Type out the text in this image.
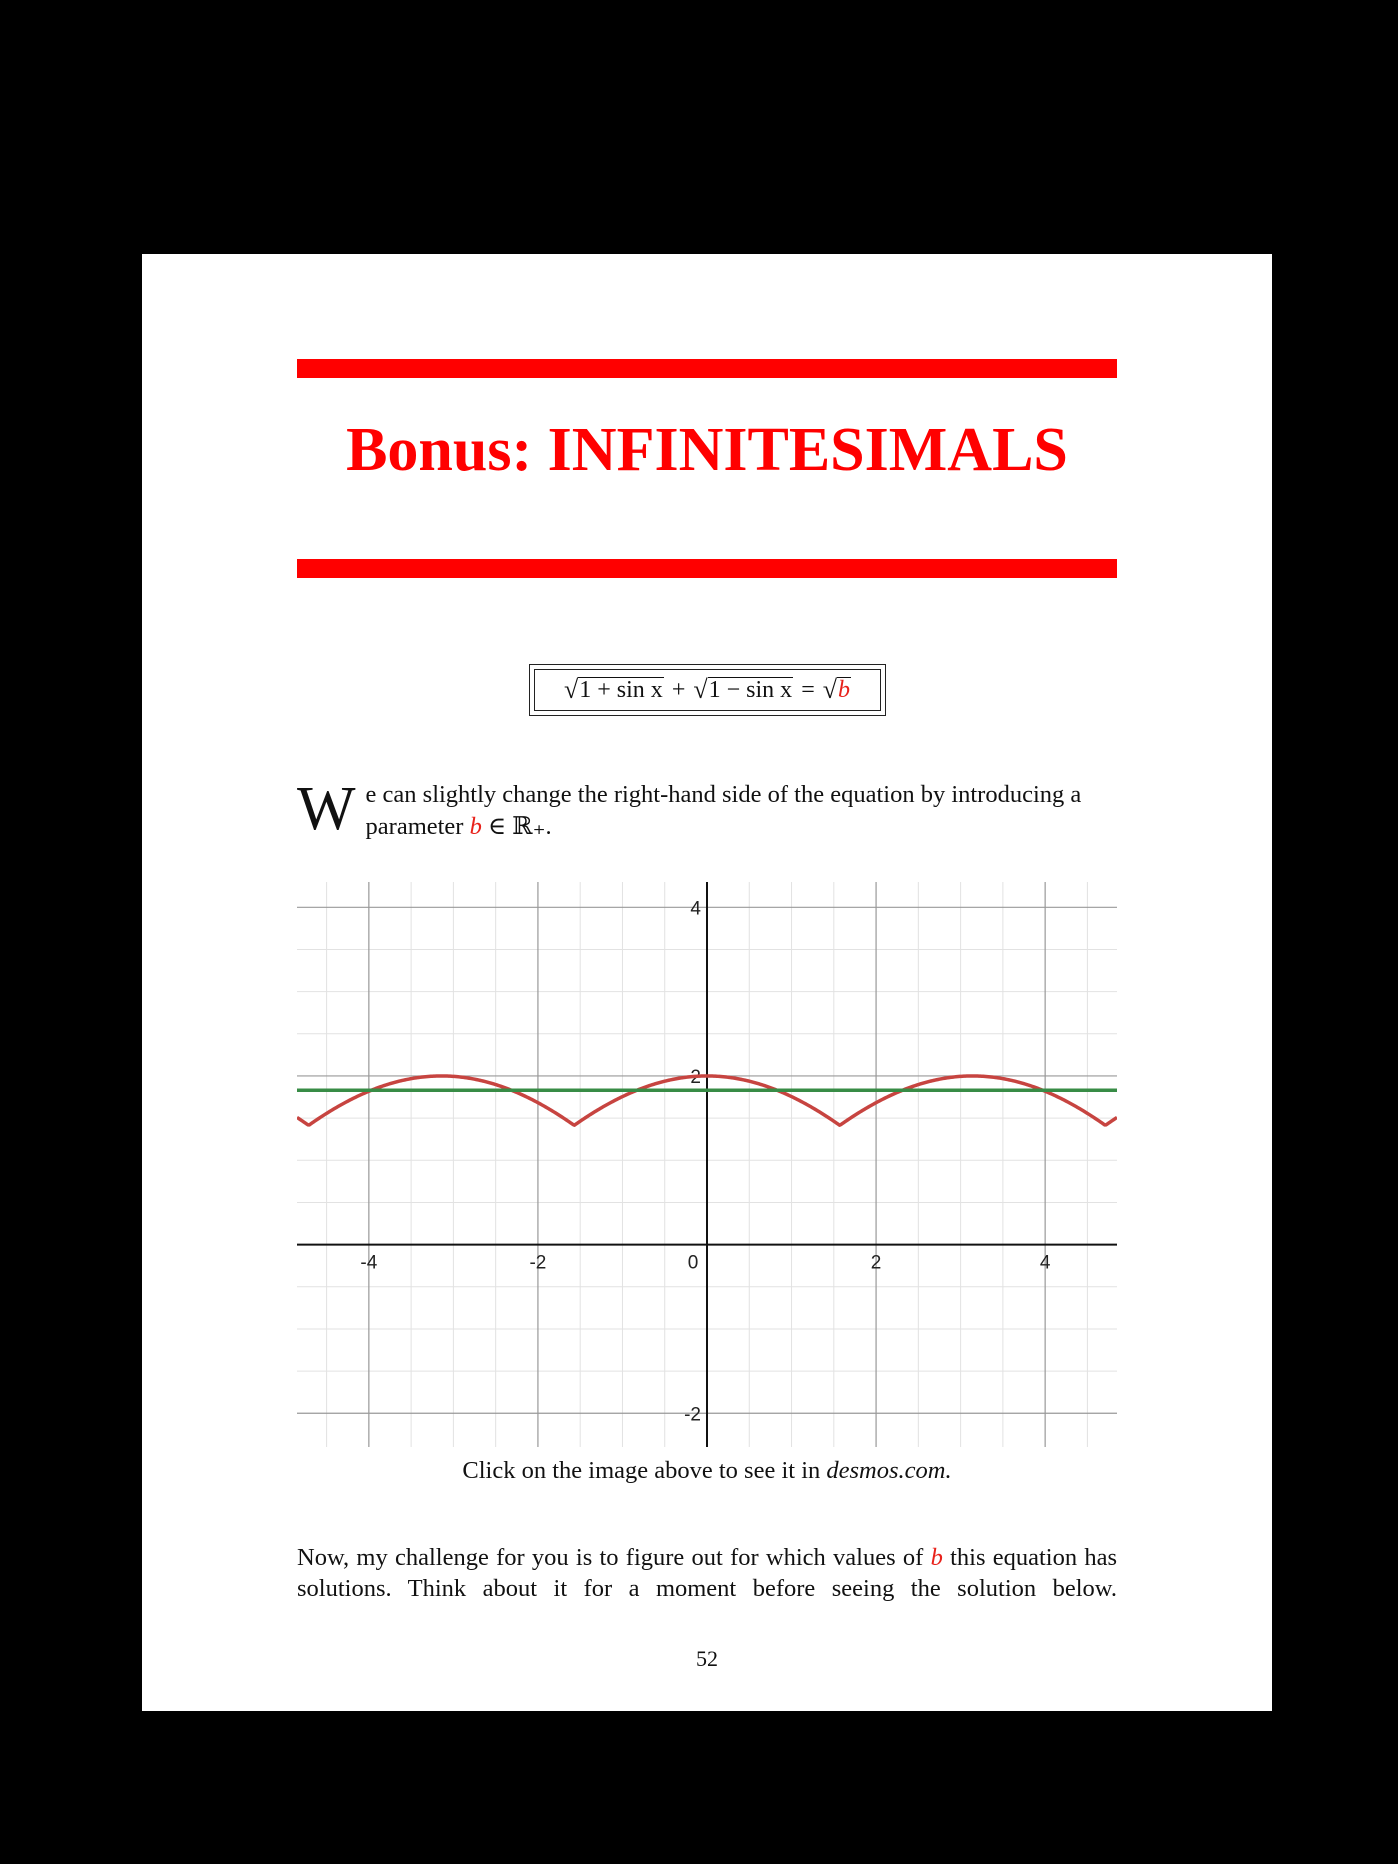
Bonus: INFINITESIMALS
√ 1 + sin x + √ 1 − sin x = √ b
W e can slightly change the right-hand side of the equation by introducing a parameter b ∈ ℝ₊.
-4	-2	0	2	4
4
2
-2
Click on the image above to see it in desmos.com.
Now, my challenge for you is to figure out for which values of b this equation has solutions. Think about it for a moment before seeing the solution below.
52
